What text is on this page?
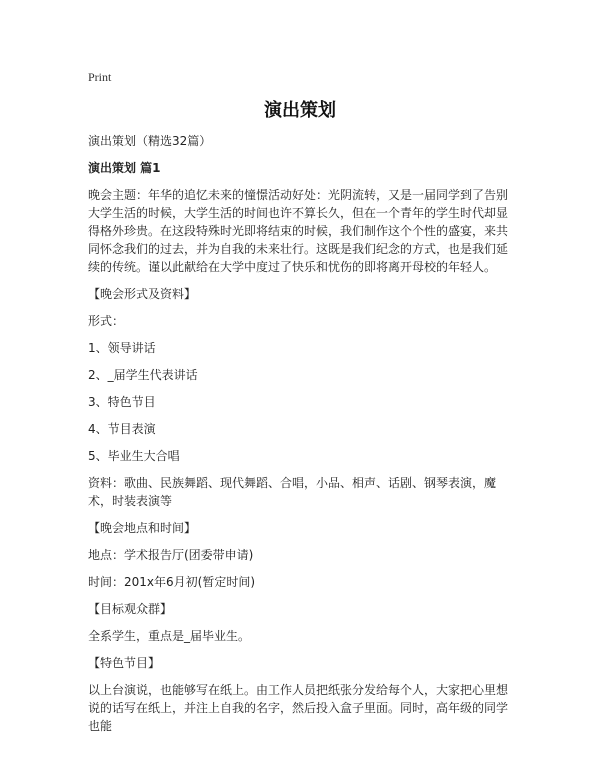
Print
演出策划

演出策划（精选32篇）

演出策划 篇1

晚会主题：年华的追忆未来的憧憬活动好处：光阴流转，又是一届同学到了告别大学生活的时候，大学生活的时间也许不算长久，但在一个青年的学生时代却显得格外珍贵。在这段特殊时光即将结束的时候，我们制作这个个性的盛宴，来共同怀念我们的过去，并为自我的未来壮行。这既是我们纪念的方式，也是我们延续的传统。谨以此献给在大学中度过了快乐和忧伤的即将离开母校的年轻人。

【晚会形式及资料】

形式：

1、领导讲话

2、_届学生代表讲话

3、特色节目

4、节目表演

5、毕业生大合唱

资料：歌曲、民族舞蹈、现代舞蹈、合唱，小品、相声、话剧、钢琴表演，魔术，时装表演等

【晚会地点和时间】

地点：学术报告厅(团委带申请)

时间：201x年6月初(暂定时间)

【目标观众群】

全系学生，重点是_届毕业生。

【特色节目】

以上台演说，也能够写在纸上。由工作人员把纸张分发给每个人，大家把心里想说的话写在纸上，并注上自我的名字，然后投入盒子里面。同时，高年级的同学也能
